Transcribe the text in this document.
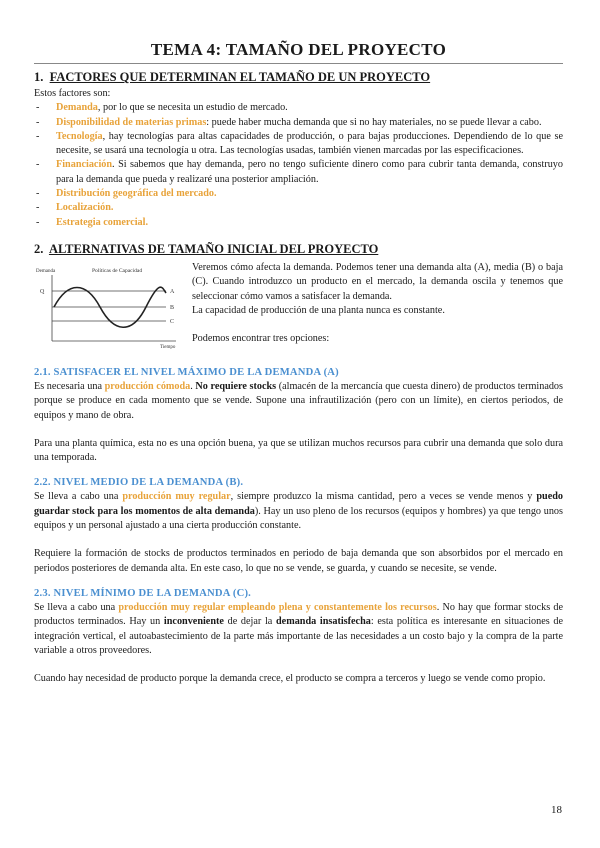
TEMA 4: TAMAÑO DEL PROYECTO
1. FACTORES QUE DETERMINAN EL TAMAÑO DE UN PROYECTO

Estos factores son:

- Demanda, por lo que se necesita un estudio de mercado.
- Disponibilidad de materias primas: puede haber mucha demanda que si no hay materiales, no se puede llevar a cabo.
- Tecnología, hay tecnologías para altas capacidades de producción, o para bajas producciones. Dependiendo de lo que se necesite, se usará una tecnología u otra. Las tecnologías usadas, también vienen marcadas por las especificaciones.
- Financiación. Si sabemos que hay demanda, pero no tengo suficiente dinero como para cubrir tanta demanda, construyo para la demanda que pueda y realizaré una posterior ampliación.
- Distribución geográfica del mercado.
- Localización.
- Estrategia comercial.
2. ALTERNATIVAS DE TAMAÑO INICIAL DEL PROYECTO
Políticas de Capacidad
Demanda
Q	A
B
C
Tiempo

Veremos cómo afecta la demanda. Podemos tener una demanda alta (A), media (B) o baja (C). Cuando introduzco un producto en el mercado, la demanda oscila y tenemos que seleccionar cómo vamos a satisfacer la demanda.

La capacidad de producción de una planta nunca es constante.

Podemos encontrar tres opciones:

2.1. SATISFACER EL NIVEL MÁXIMO DE LA DEMANDA (A)

Es necesaria una producción cómoda. No requiere stocks (almacén de la mercancía que cuesta dinero) de productos terminados porque se produce en cada momento que se vende. Supone una infrautilización (pero con un límite), en ciertos periodos, de equipos y mano de obra.

Para una planta química, esta no es una opción buena, ya que se utilizan muchos recursos para cubrir una demanda que solo dura una temporada.

2.2. NIVEL MEDIO DE LA DEMANDA (B).

Se lleva a cabo una producción muy regular, siempre produzco la misma cantidad, pero a veces se vende menos y puedo guardar stock para los momentos de alta demanda). Hay un uso pleno de los recursos (equipos y hombres) ya que tengo unos equipos y un personal ajustado a una cierta producción constante.

Requiere la formación de stocks de productos terminados en periodo de baja demanda que son absorbidos por el mercado en periodos posteriores de demanda alta. En este caso, lo que no se vende, se guarda, y cuando se necesite, se vende.

2.3. NIVEL MÍNIMO DE LA DEMANDA (C).

Se lleva a cabo una producción muy regular empleando plena y constantemente los recursos. No hay que formar stocks de productos terminados. Hay un inconveniente de dejar la demanda insatisfecha: esta política es interesante en situaciones de integración vertical, el autoabastecimiento de la parte más importante de las necesidades a un costo bajo y la compra de la parte variable a otros proveedores.

Cuando hay necesidad de producto porque la demanda crece, el producto se compra a terceros y luego se vende como propio.

18
